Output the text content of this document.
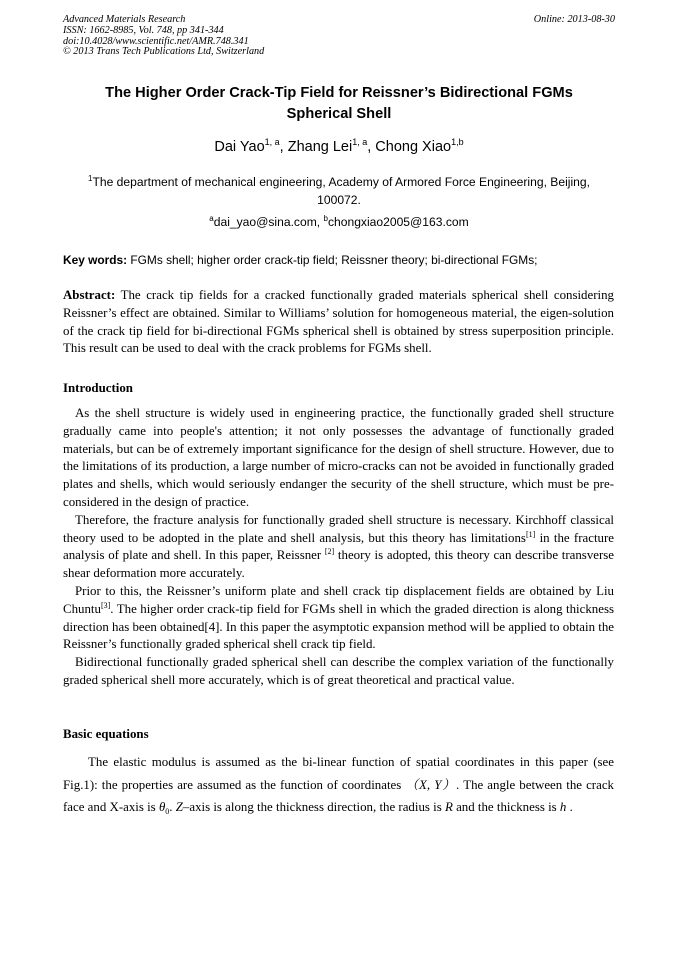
Advanced Materials Research
ISSN: 1662-8985, Vol. 748, pp 341-344
doi:10.4028/www.scientific.net/AMR.748.341
© 2013 Trans Tech Publications Ltd, Switzerland
Online: 2013-08-30
The Higher Order Crack-Tip Field for Reissner’s Bidirectional FGMs
Spherical Shell
Dai Yao$^{1, a}$, Zhang Lei$^{1, a}$, Chong Xiao$^{1,b}$
$^1$The department of mechanical engineering, Academy of Armored Force Engineering, Beijing, 100072.
$^a$dai_yao@sina.com, $^b$chongxiao2005@163.com
Key words: FGMs shell; higher order crack-tip field; Reissner theory; bi-directional FGMs;
Abstract: The crack tip fields for a cracked functionally graded materials spherical shell considering Reissner’s effect are obtained. Similar to Williams’ solution for homogeneous material, the eigen-solution of the crack tip field for bi-directional FGMs spherical shell is obtained by stress superposition principle. This result can be used to deal with the crack problems for FGMs shell.
Introduction

As the shell structure is widely used in engineering practice, the functionally graded shell structure gradually came into people's attention; it not only possesses the advantage of functionally graded materials, but can be of extremely important significance for the design of shell structure. However, due to the limitations of its production, a large number of micro-cracks can not be avoided in functionally graded plates and shells, which would seriously endanger the security of the shell structure, which must be pre-considered in the design of practice.

Therefore, the fracture analysis for functionally graded shell structure is necessary. Kirchhoff classical theory used to be adopted in the plate and shell analysis, but this theory has limitations[1] in the fracture analysis of plate and shell. In this paper, Reissner [2] theory is adopted, this theory can describe transverse shear deformation more accurately.

Prior to this, the Reissner’s uniform plate and shell crack tip displacement fields are obtained by Liu Chuntu[3]. The higher order crack-tip field for FGMs shell in which the graded direction is along thickness direction has been obtained[4]. In this paper the asymptotic expansion method will be applied to obtain the Reissner’s functionally graded spherical shell crack tip field.

Bidirectional functionally graded spherical shell can describe the complex variation of the functionally graded spherical shell more accurately, which is of great theoretical and practical value.

Basic equations

The elastic modulus is assumed as the bi-linear function of spatial coordinates in this paper (see Fig.1): the properties are assumed as the function of coordinates （X, Y）. The angle between the crack face and X-axis is $\theta_0$. Z–axis is along the thickness direction, the radius is R and the thickness is h .
